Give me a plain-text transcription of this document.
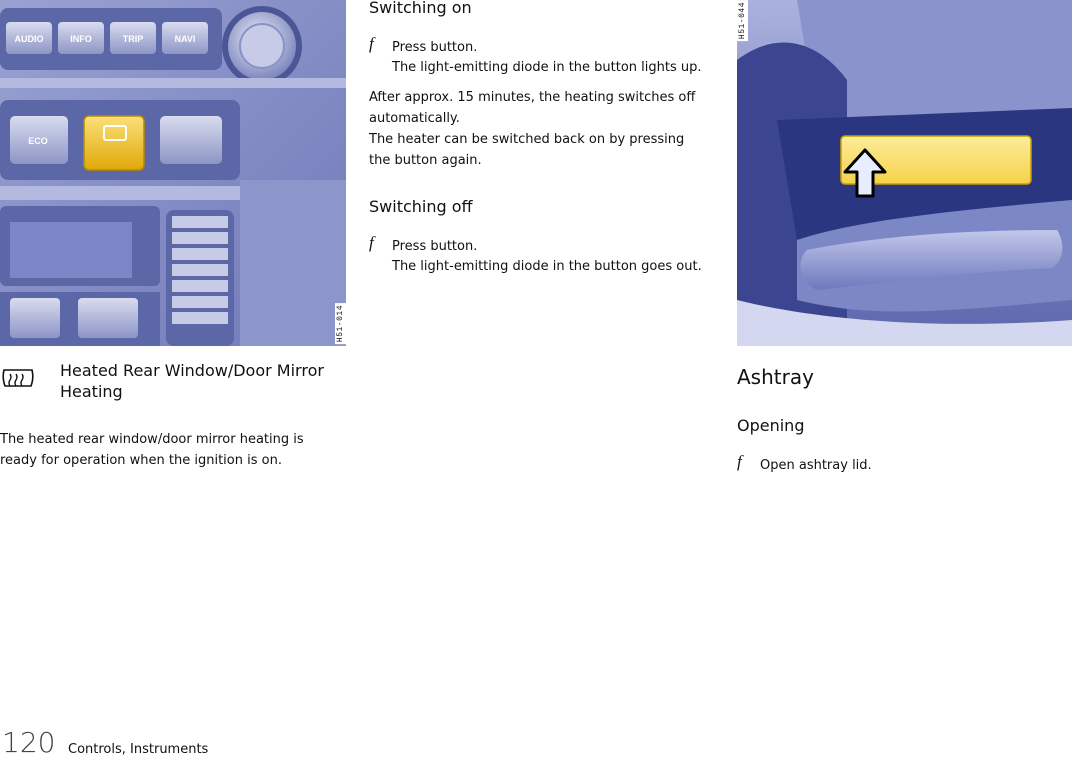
AUDIO	INFO	TRIP	NAVI
ECO
H51-014
H51-044
Heated Rear Window/Door Mirror
Heating
The heated rear window/door mirror heating is
ready for operation when the ignition is on.
Switching on
f Press button.
The light-emitting diode in the button lights up.
After approx. 15 minutes, the heating switches off
automatically.
The heater can be switched back on by pressing
the button again.
Switching off
f Press button.
The light-emitting diode in the button goes out.
Ashtray
Opening
f Open ashtray lid.
120 Controls, Instruments
